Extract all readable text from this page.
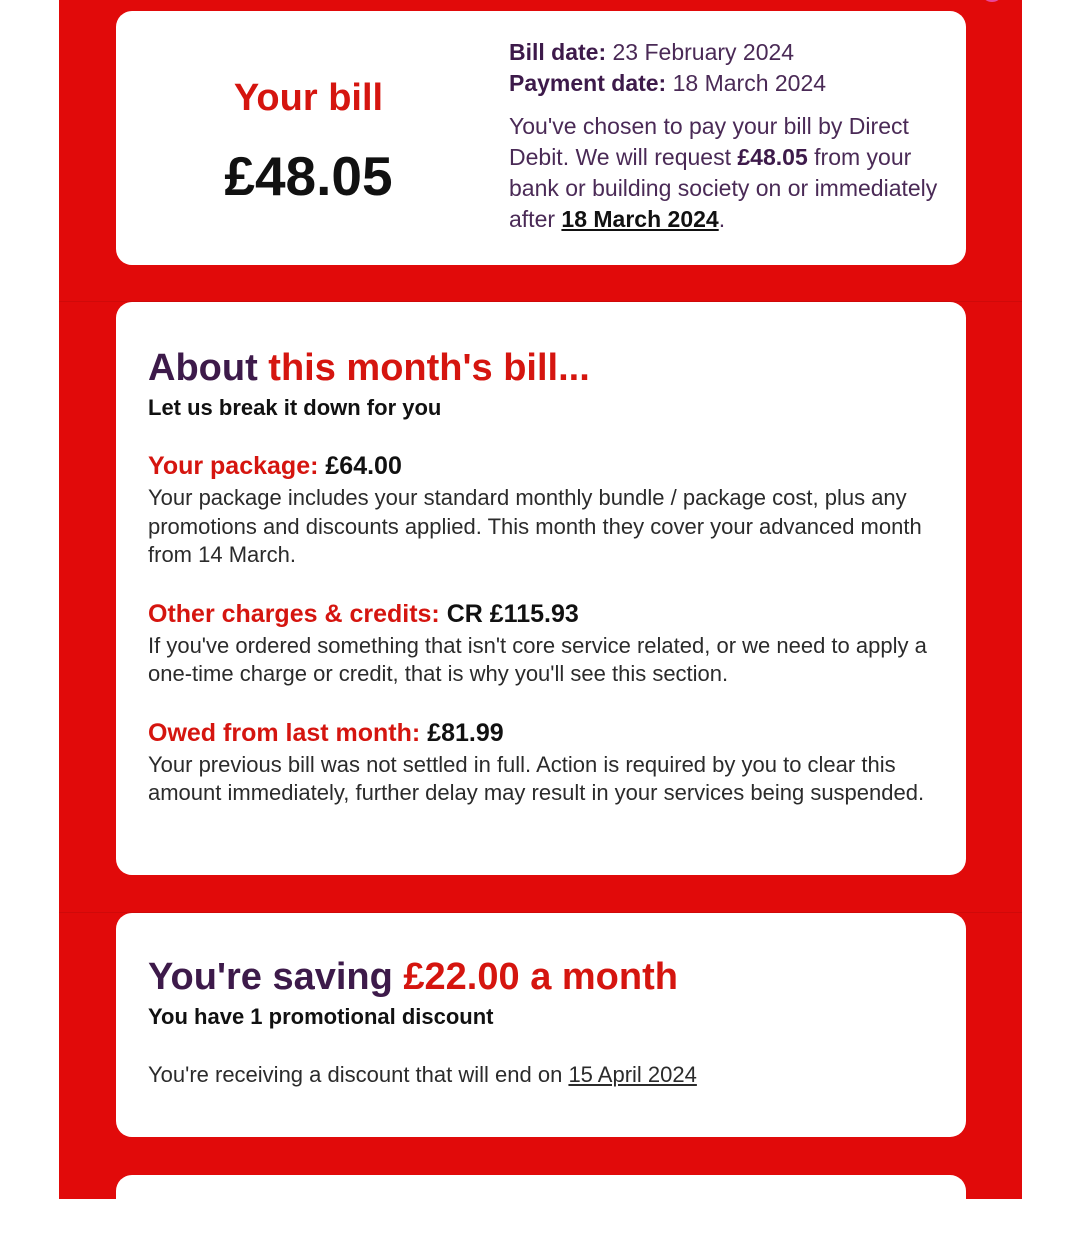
Your bill
£48.05
Bill date: 23 February 2024
Payment date: 18 March 2024
You've chosen to pay your bill by Direct Debit. We will request £48.05 from your bank or building society on or immediately after 18 March 2024.
About this month's bill...
Let us break it down for you
Your package: £64.00
Your package includes your standard monthly bundle / package cost, plus any promotions and discounts applied. This month they cover your advanced month from 14 March.
Other charges & credits: CR £115.93
If you've ordered something that isn't core service related, or we need to apply a one-time charge or credit, that is why you'll see this section.
Owed from last month: £81.99
Your previous bill was not settled in full. Action is required by you to clear this amount immediately, further delay may result in your services being suspended.
You're saving £22.00 a month
You have 1 promotional discount
You're receiving a discount that will end on 15 April 2024
